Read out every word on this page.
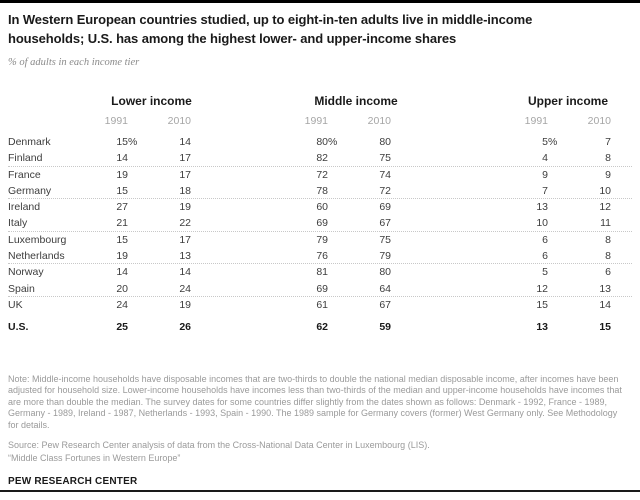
In Western European countries studied, up to eight-in-ten adults live in middle-income households; U.S. has among the highest lower- and upper-income shares
% of adults in each income tier
Lower income	Middle income	Upper income
1991	2010	1991	2010	1991	2010
Denmark	15%	14	80%	80	5%	7
Finland	14	17	82	75	4	8
France	19	17	72	74	9	9
Germany	15	18	78	72	7	10
Ireland	27	19	60	69	13	12
Italy	21	22	69	67	10	11
Luxembourg	15	17	79	75	6	8
Netherlands	19	13	76	79	6	8
Norway	14	14	81	80	5	6
Spain	20	24	69	64	12	13
UK	24	19	61	67	15	14
U.S.	25	26	62	59	13	15

Note: Middle-income households have disposable incomes that are two-thirds to double the national median disposable income, after incomes have been adjusted for household size. Lower-income households have incomes less than two-thirds of the median and upper-income households have incomes that are more than double the median. The survey dates for some countries differ slightly from the dates shown as follows: Denmark - 1992, France - 1989, Germany - 1989, Ireland - 1987, Netherlands - 1993, Spain - 1990. The 1989 sample for Germany covers (former) West Germany only. See Methodology for details.

Source: Pew Research Center analysis of data from the Cross-National Data Center in Luxembourg (LIS).

“Middle Class Fortunes in Western Europe”

PEW RESEARCH CENTER
